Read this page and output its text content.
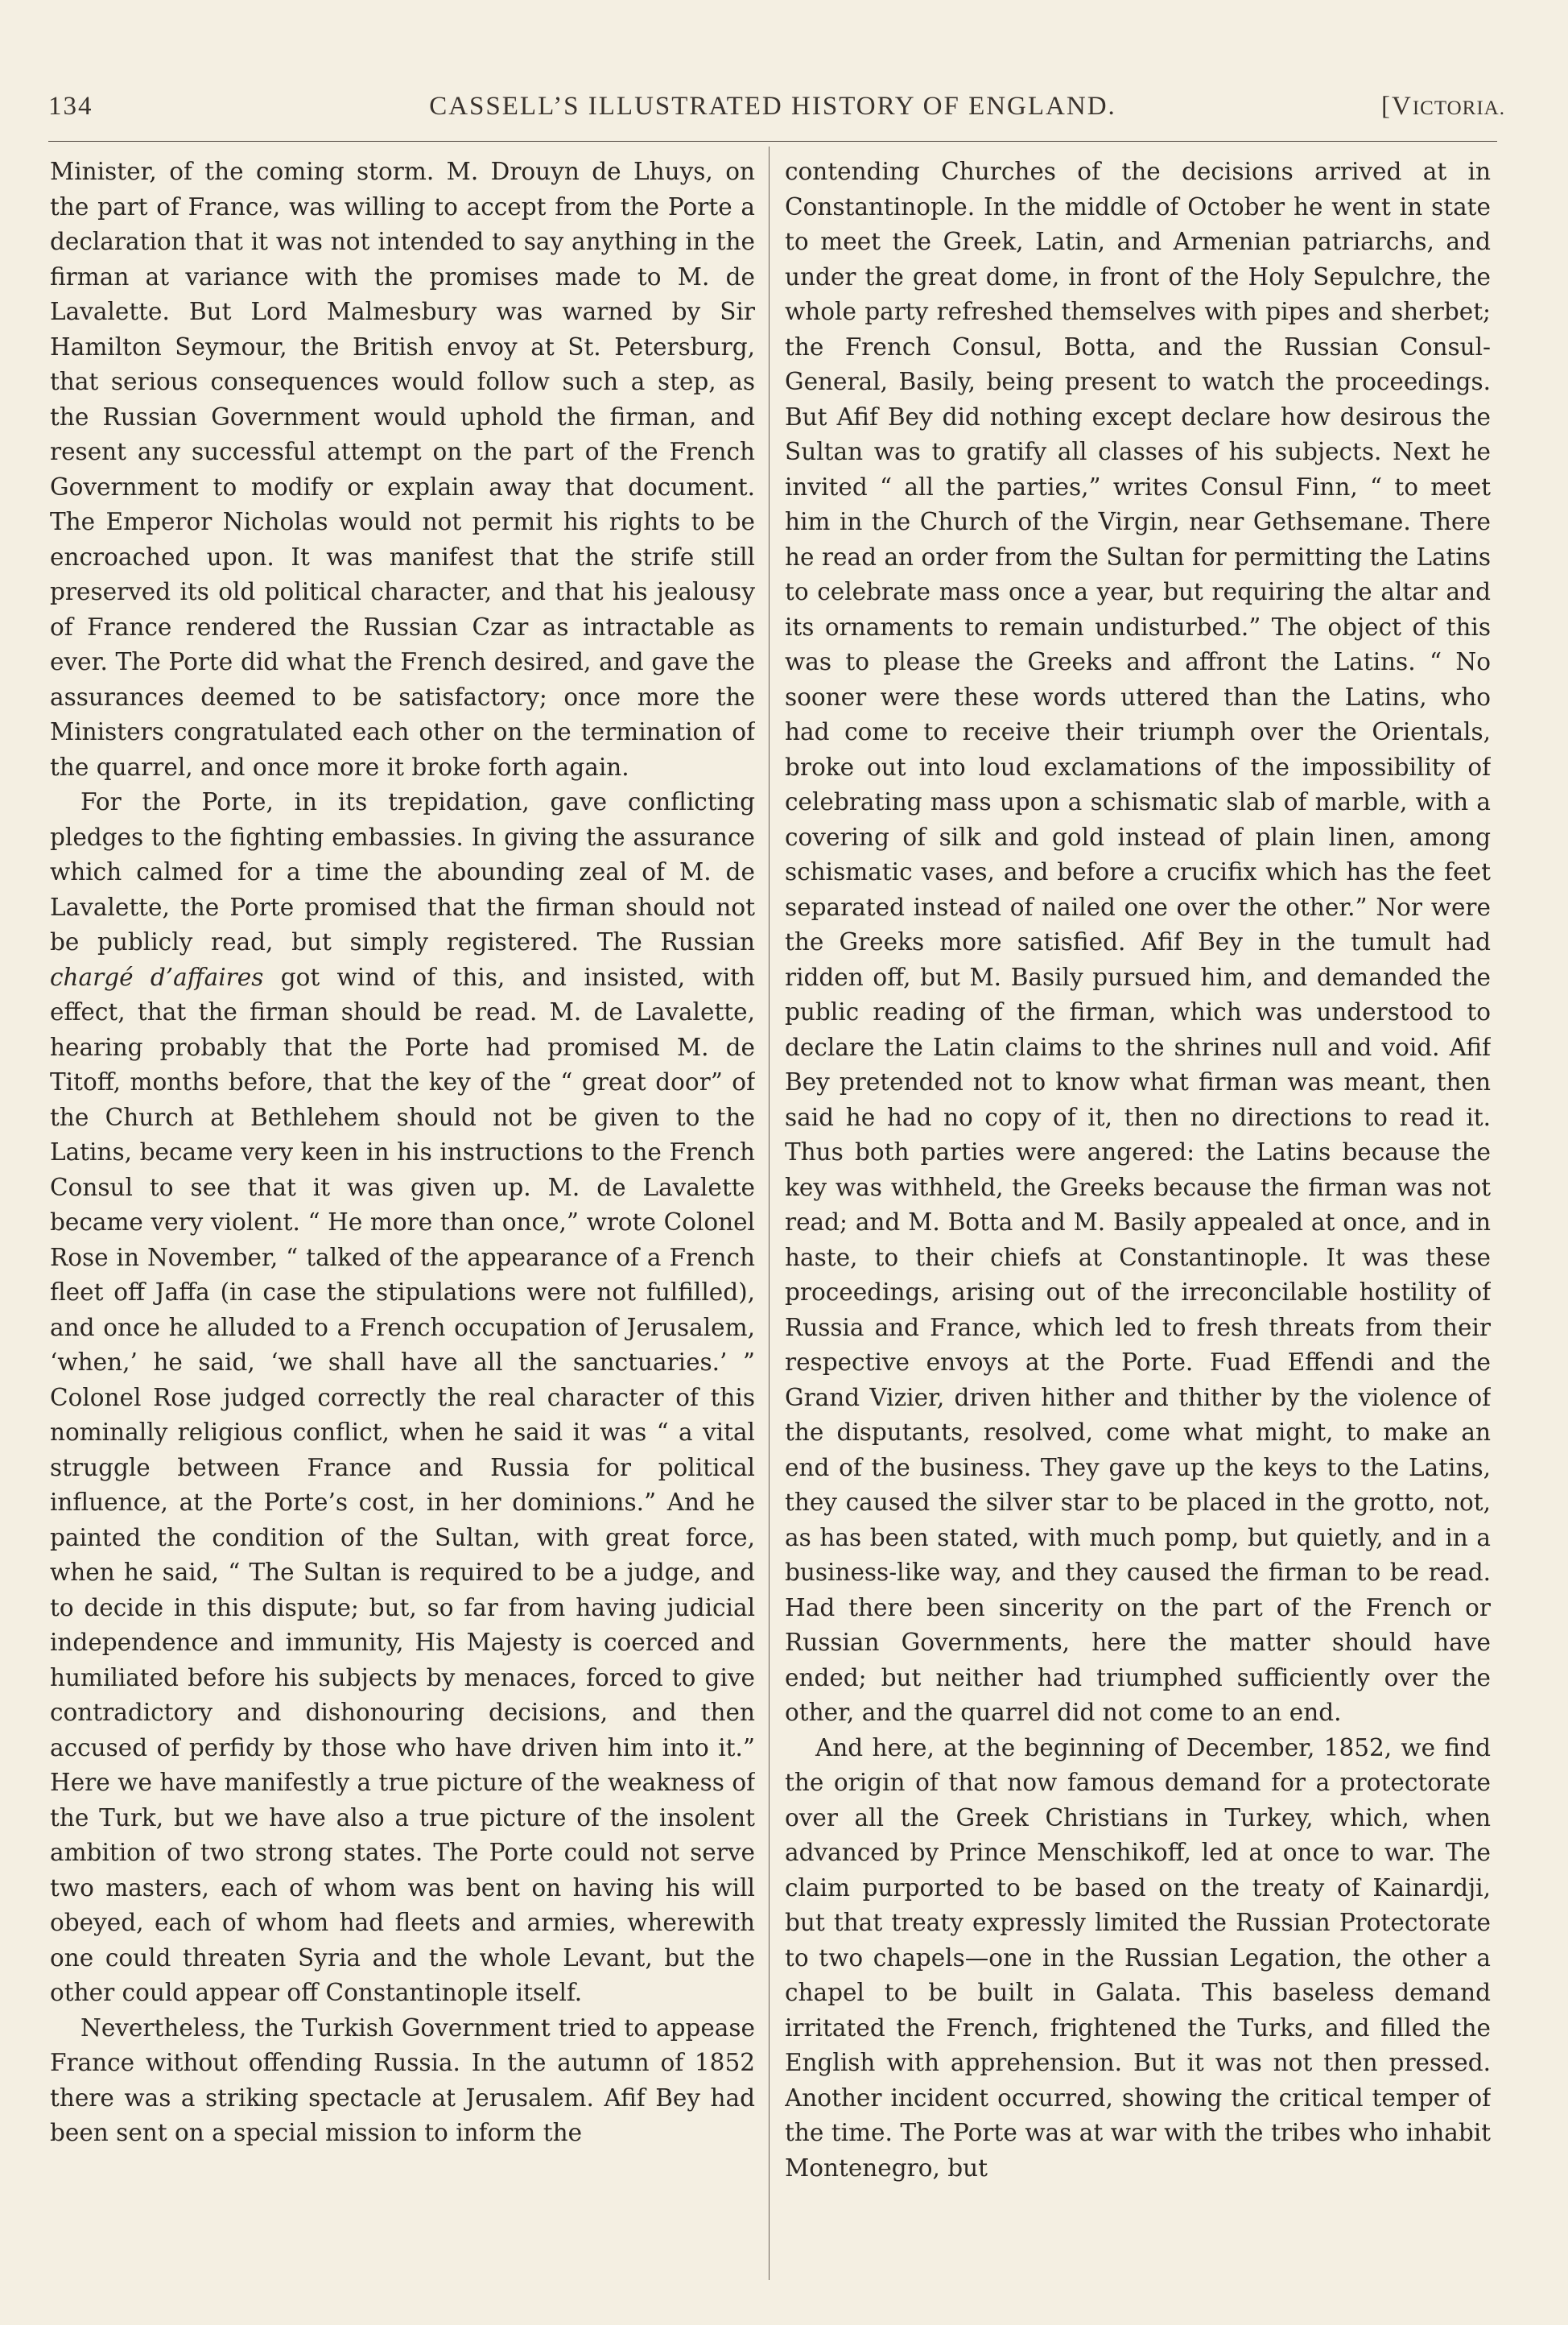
134	CASSELL’S ILLUSTRATED HISTORY OF ENGLAND.	[VICTORIA.

Minister, of the coming storm. M. Drouyn de Lhuys, on the part of France, was willing to accept from the Porte a declaration that it was not intended to say anything in the firman at variance with the promises made to M. de Lavalette. But Lord Malmesbury was warned by Sir Hamilton Seymour, the British envoy at St. Petersburg, that serious consequences would follow such a step, as the Russian Government would uphold the firman, and resent any successful attempt on the part of the French Government to modify or explain away that document. The Emperor Nicholas would not permit his rights to be encroached upon. It was manifest that the strife still preserved its old political character, and that his jealousy of France rendered the Russian Czar as intractable as ever. The Porte did what the French desired, and gave the assurances deemed to be satisfactory; once more the Ministers congratulated each other on the termination of the quarrel, and once more it broke forth again.

For the Porte, in its trepidation, gave conflicting pledges to the fighting embassies. In giving the assurance which calmed for a time the abounding zeal of M. de Lavalette, the Porte promised that the firman should not be publicly read, but simply registered. The Russian chargé d’affaires got wind of this, and insisted, with effect, that the firman should be read. M. de Lavalette, hearing probably that the Porte had promised M. de Titoff, months before, that the key of the “ great door” of the Church at Bethlehem should not be given to the Latins, became very keen in his instructions to the French Consul to see that it was given up. M. de Lavalette became very violent. “ He more than once,” wrote Colonel Rose in November, “ talked of the appearance of a French fleet off Jaffa (in case the stipulations were not fulfilled), and once he alluded to a French occupation of Jerusalem, ‘when,’ he said, ‘we shall have all the sanctuaries.’ ” Colonel Rose judged correctly the real character of this nominally religious conflict, when he said it was “ a vital struggle between France and Russia for political influence, at the Porte’s cost, in her dominions.” And he painted the condition of the Sultan, with great force, when he said, “ The Sultan is required to be a judge, and to decide in this dispute; but, so far from having judicial independence and immunity, His Majesty is coerced and humiliated before his subjects by menaces, forced to give contradictory and dishonouring decisions, and then accused of perfidy by those who have driven him into it.” Here we have manifestly a true picture of the weakness of the Turk, but we have also a true picture of the insolent ambition of two strong states. The Porte could not serve two masters, each of whom was bent on having his will obeyed, each of whom had fleets and armies, wherewith one could threaten Syria and the whole Levant, but the other could appear off Constantinople itself.

Nevertheless, the Turkish Government tried to appease France without offending Russia. In the autumn of 1852 there was a striking spectacle at Jerusalem. Afif Bey had been sent on a special mission to inform the

contending Churches of the decisions arrived at in Constantinople. In the middle of October he went in state to meet the Greek, Latin, and Armenian patriarchs, and under the great dome, in front of the Holy Sepulchre, the whole party refreshed themselves with pipes and sherbet; the French Consul, Botta, and the Russian Consul-General, Basily, being present to watch the proceedings. But Afif Bey did nothing except declare how desirous the Sultan was to gratify all classes of his subjects. Next he invited “ all the parties,” writes Consul Finn, “ to meet him in the Church of the Virgin, near Gethsemane. There he read an order from the Sultan for permitting the Latins to celebrate mass once a year, but requiring the altar and its ornaments to remain undisturbed.” The object of this was to please the Greeks and affront the Latins. “ No sooner were these words uttered than the Latins, who had come to receive their triumph over the Orientals, broke out into loud exclamations of the impossibility of celebrating mass upon a schismatic slab of marble, with a covering of silk and gold instead of plain linen, among schismatic vases, and before a crucifix which has the feet separated instead of nailed one over the other.” Nor were the Greeks more satisfied. Afif Bey in the tumult had ridden off, but M. Basily pursued him, and demanded the public reading of the firman, which was understood to declare the Latin claims to the shrines null and void. Afif Bey pretended not to know what firman was meant, then said he had no copy of it, then no directions to read it. Thus both parties were angered: the Latins because the key was withheld, the Greeks because the firman was not read; and M. Botta and M. Basily appealed at once, and in haste, to their chiefs at Constantinople. It was these proceedings, arising out of the irreconcilable hostility of Russia and France, which led to fresh threats from their respective envoys at the Porte. Fuad Effendi and the Grand Vizier, driven hither and thither by the violence of the disputants, resolved, come what might, to make an end of the business. They gave up the keys to the Latins, they caused the silver star to be placed in the grotto, not, as has been stated, with much pomp, but quietly, and in a business-like way, and they caused the firman to be read. Had there been sincerity on the part of the French or Russian Governments, here the matter should have ended; but neither had triumphed sufficiently over the other, and the quarrel did not come to an end.

And here, at the beginning of December, 1852, we find the origin of that now famous demand for a protectorate over all the Greek Christians in Turkey, which, when advanced by Prince Menschikoff, led at once to war. The claim purported to be based on the treaty of Kainardji, but that treaty expressly limited the Russian Protectorate to two chapels—one in the Russian Legation, the other a chapel to be built in Galata. This baseless demand irritated the French, frightened the Turks, and filled the English with apprehension. But it was not then pressed. Another incident occurred, showing the critical temper of the time. The Porte was at war with the tribes who inhabit Montenegro, but
